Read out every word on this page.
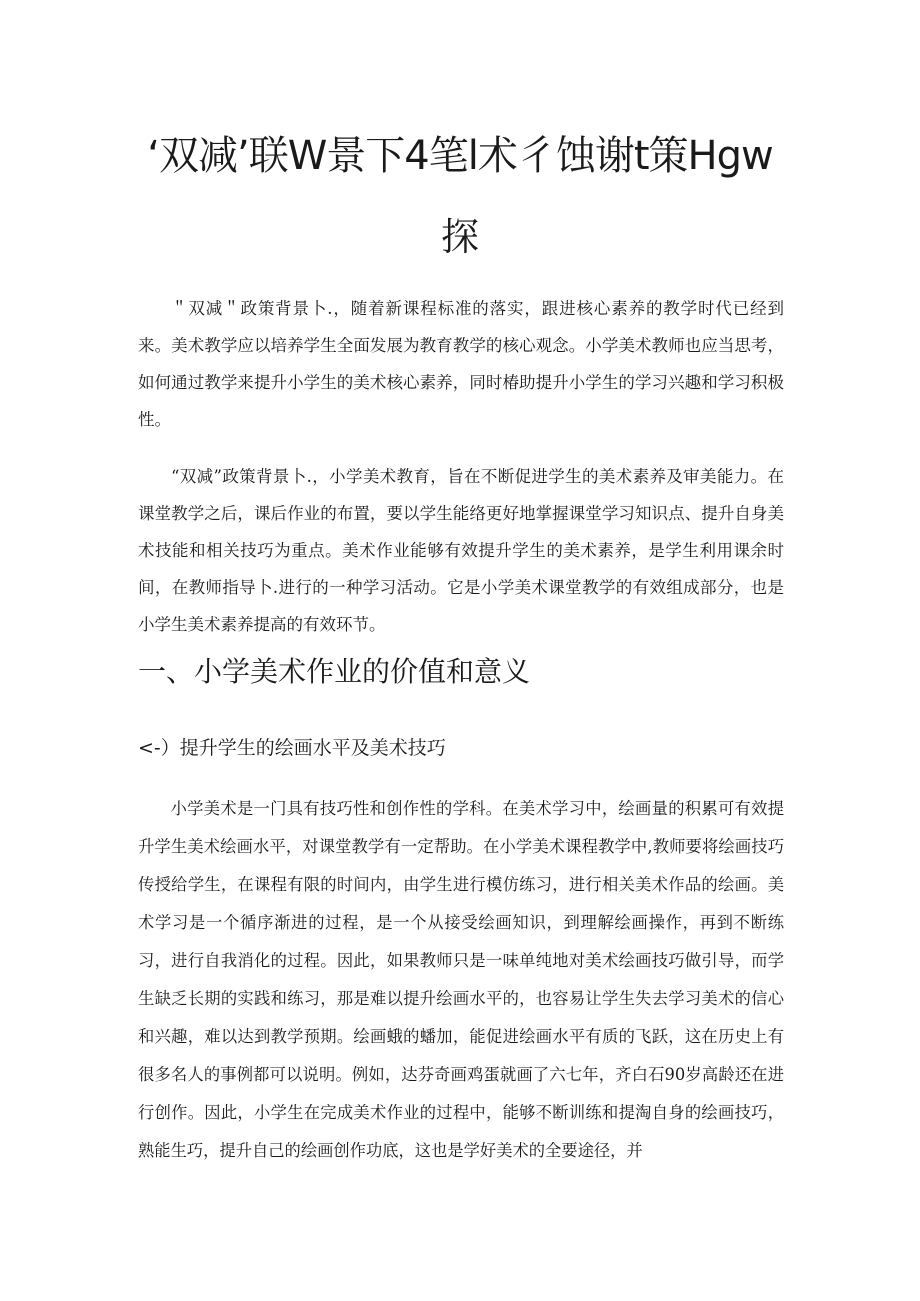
‘双减’联W景下4笔l术彳蚀谢t策Hgw
探

＂双减＂政策背景卜.，随着新课程标准的落实，跟进核心素养的教学时代已经到来。美术教学应以培养学生全面发展为教育教学的核心观念。小学美术教师也应当思考，如何通过教学来提升小学生的美术核心素养，同时椿助提升小学生的学习兴趣和学习积极性。

“双减”政策背景卜.，小学美术教育，旨在不断促进学生的美术素养及审美能力。在课堂教学之后，课后作业的布置，要以学生能络更好地掌握课堂学习知识点、提升自身美术技能和相关技巧为重点。美术作业能够有效提升学生的美术素养，是学生利用课余时间，在教师指导卜.进行的一种学习活动。它是小学美术课堂教学的有效组成部分，也是小学生美术素养提高的有效环节。

一、小学美术作业的价值和意义
<-）提升学生的绘画水平及美术技巧

小学美术是一门具有技巧性和创作性的学科。在美术学习中，绘画量的积累可有效提升学生美术绘画水平，对课堂教学有一定帮助。在小学美术课程教学中,教师要将绘画技巧传授给学生，在课程有限的时间内，由学生进行模仿练习，进行相关美术作品的绘画。美术学习是一个循序渐进的过程，是一个从接受绘画知识，到理解绘画操作，再到不断练习，进行自我消化的过程。因此，如果教师只是一味单纯地对美术绘画技巧做引导，而学生缺乏长期的实践和练习，那是难以提升绘画水平的，也容易让学生失去学习美术的信心和兴趣，难以达到教学预期。绘画蛾的蟠加，能促进绘画水平有质的飞跃，这在历史上有很多名人的事例都可以说明。例如，达芬奇画鸡蛋就画了六七年，齐白石90岁高龄还在进行创作。因此，小学生在完成美术作业的过程中，能够不断训练和提淘自身的绘画技巧，熟能生巧，提升自己的绘画创作功底，这也是学好美术的全要途径，并
